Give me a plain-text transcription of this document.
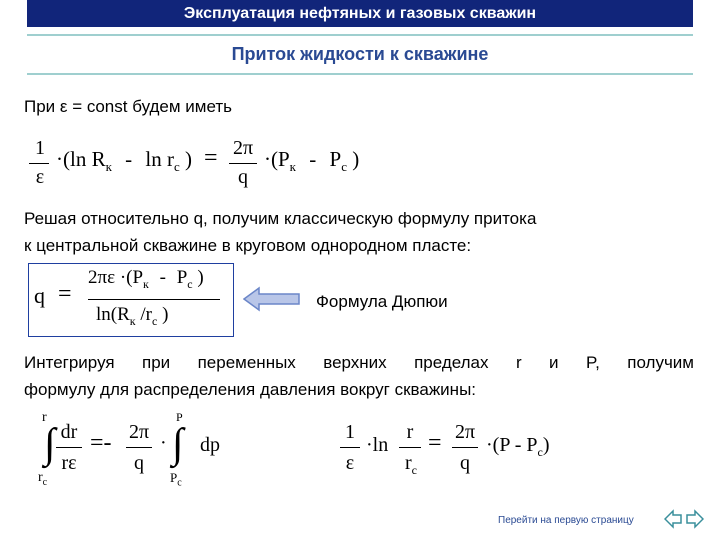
Эксплуатация нефтяных и газовых скважин
Приток жидкости к скважине
При ε = const будем иметь
1
ε
·(ln $R_к$ - $\ln r_c$ ) = 2π
q
$\cdot(P_к - P_c$ )
Решая относительно q, получим классическую формулу притока
к центральной скважине в круговом однородном пласте:
q =
$2\pi\varepsilon \cdot(P_к - P_c$ )
$\ln(R_к$ $/r_c$ )
Формула Дюпюи
Интегрируя при переменных верхних пределах r и P, получим
формулу для распределения давления вокруг скважины:
r
∫
$r_c$
dr
rε
=- 2π
q
·
P
∫
$P_c$
dp
1
ε
·ln
r
$r_c$
= 2π
q
$\cdot(P - P_c)$
Перейти на первую страницу
